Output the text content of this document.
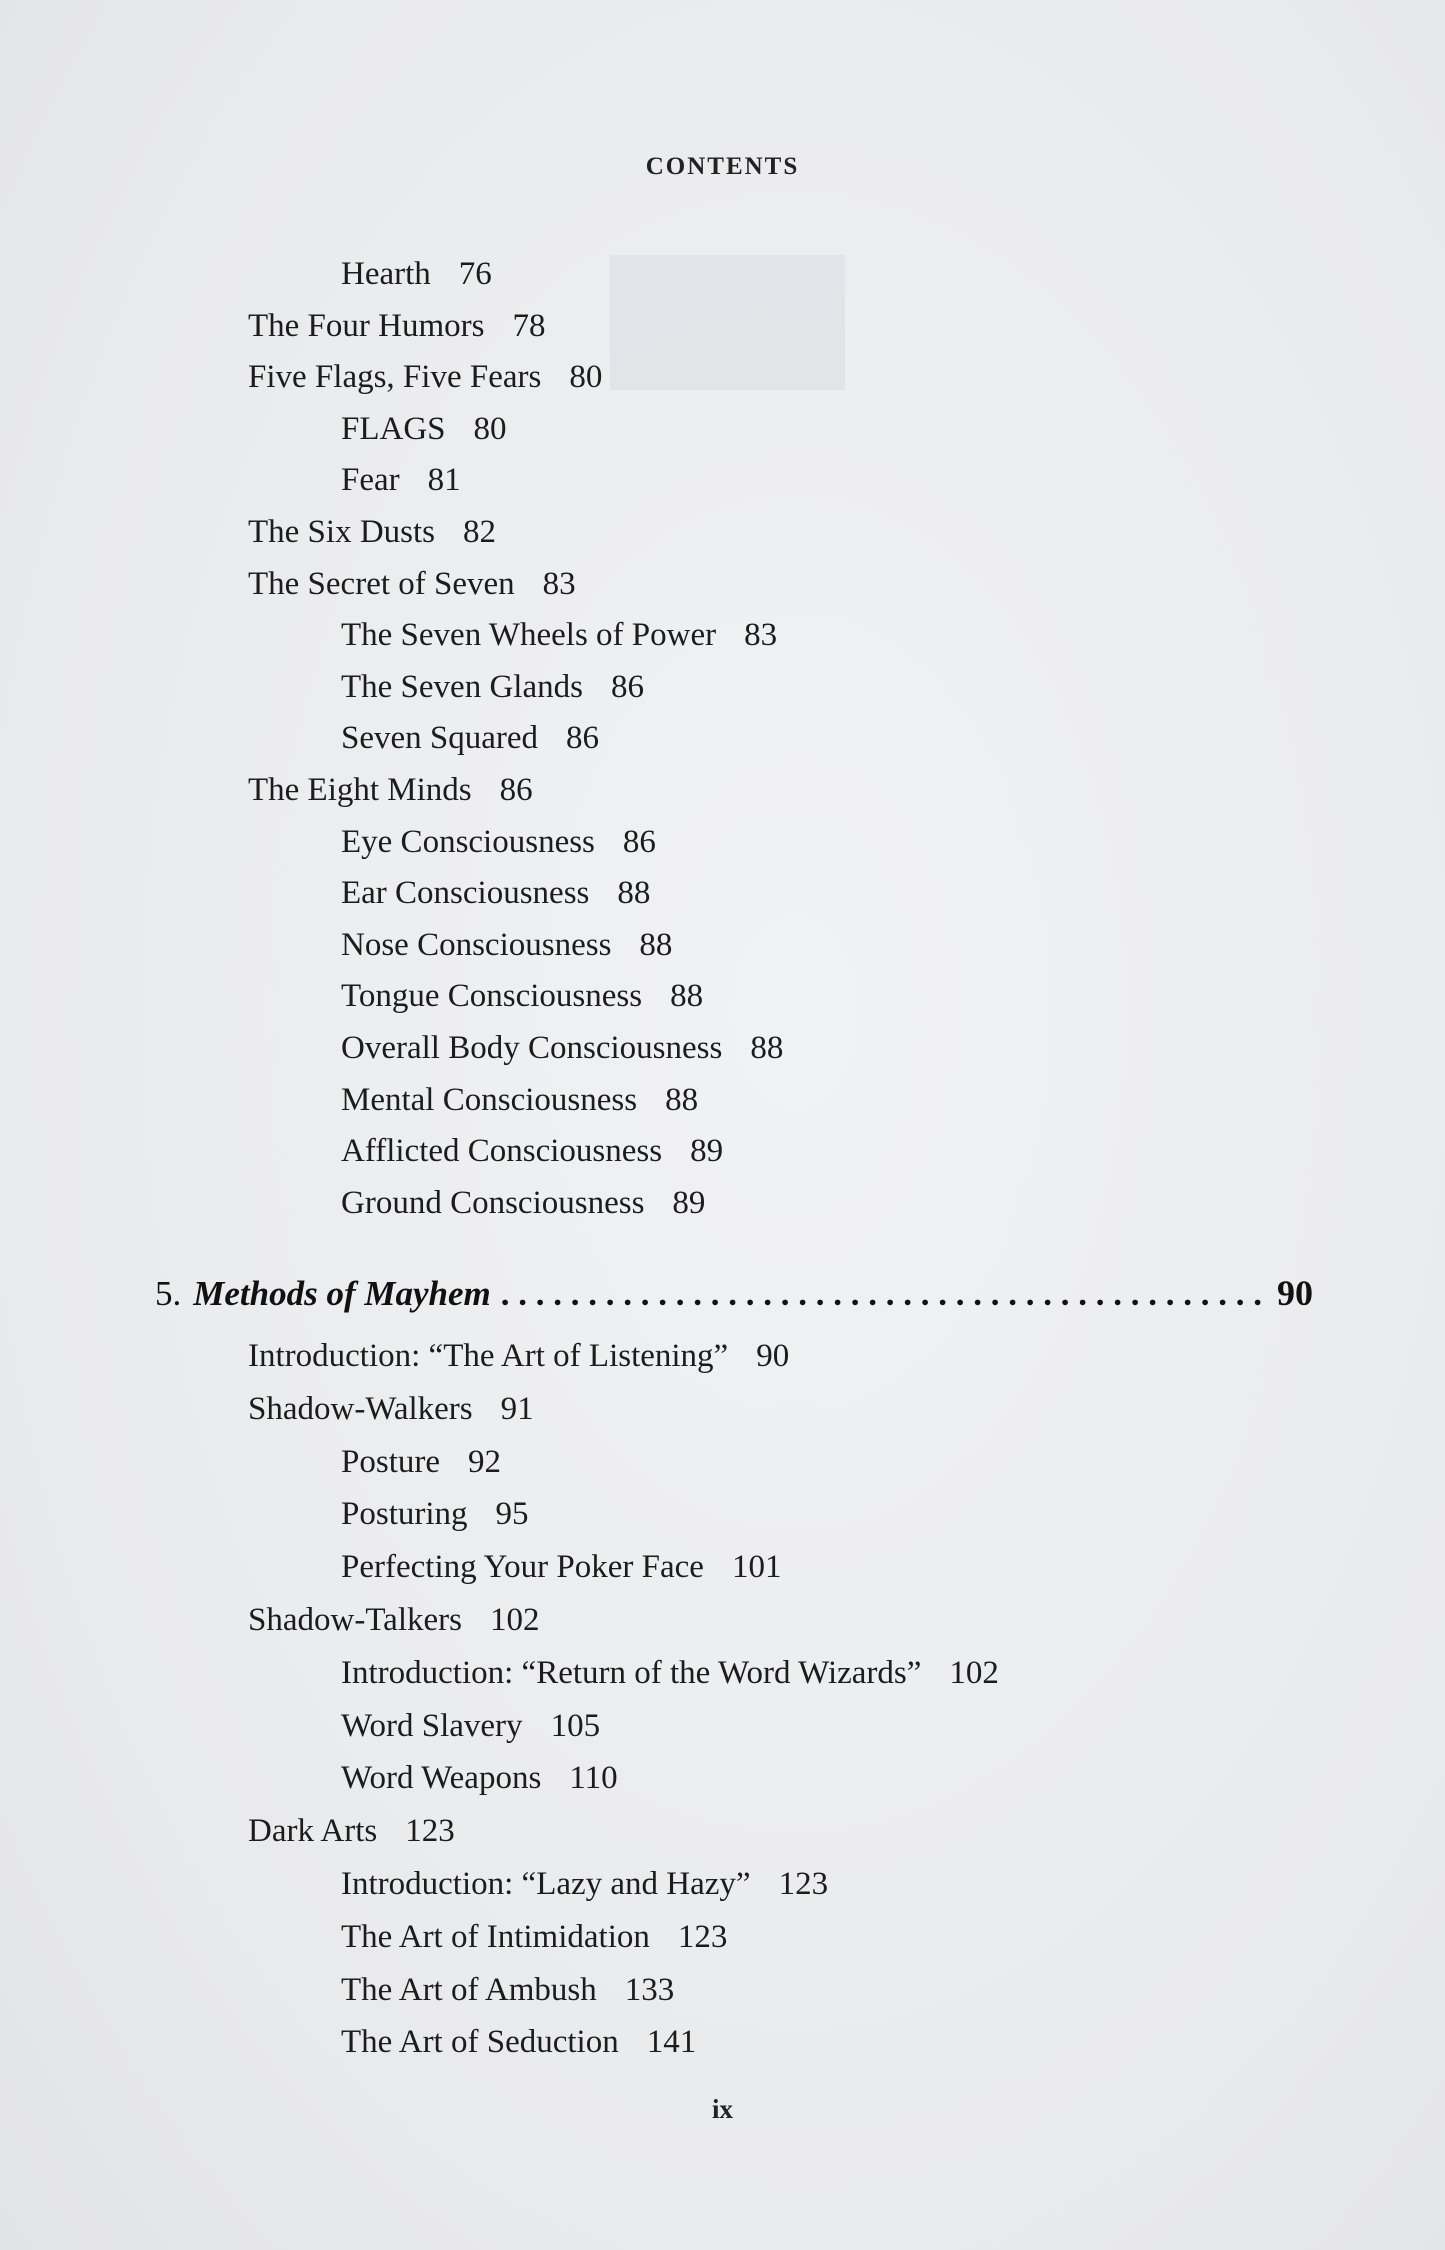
CONTENTS
Hearth 76
The Four Humors 78
Five Flags, Five Fears 80
FLAGS 80
Fear 81
The Six Dusts 82
The Secret of Seven 83
The Seven Wheels of Power 83
The Seven Glands 86
Seven Squared 86
The Eight Minds 86
Eye Consciousness 86
Ear Consciousness 88
Nose Consciousness 88
Tongue Consciousness 88
Overall Body Consciousness 88
Mental Consciousness 88
Afflicted Consciousness 89
Ground Consciousness 89
Introduction: “The Art of Listening” 90
Shadow-Walkers 91
Posture 92
Posturing 95
Perfecting Your Poker Face 101
Shadow-Talkers 102
Introduction: “Return of the Word Wizards” 102
Word Slavery 105
Word Weapons 110
Dark Arts 123
Introduction: “Lazy and Hazy” 123
The Art of Intimidation 123
The Art of Ambush 133
The Art of Seduction 141
5. Methods of Mayhem
. . .	90
ix
